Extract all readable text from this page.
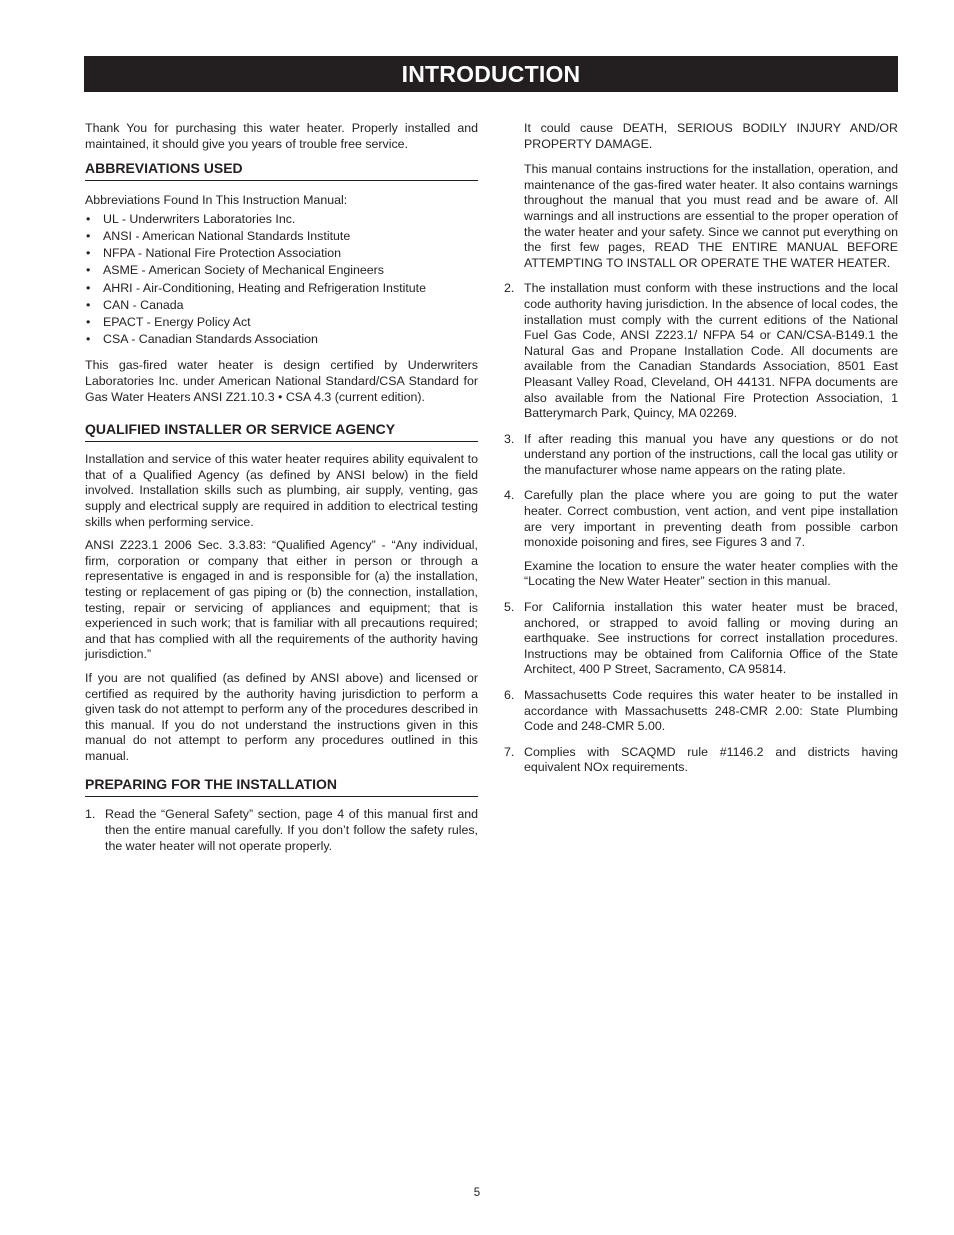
INTRODUCTION

Thank You for purchasing this water heater. Properly installed and maintained, it should give you years of trouble free service.

ABBREVIATIONS USED

Abbreviations Found In This Instruction Manual:

• UL - Underwriters Laboratories Inc.
• ANSI - American National Standards Institute
• NFPA - National Fire Protection Association
• ASME - American Society of Mechanical Engineers
• AHRI - Air-Conditioning, Heating and Refrigeration Institute
• CAN - Canada
• EPACT - Energy Policy Act
• CSA - Canadian Standards Association

This gas-fired water heater is design certified by Underwriters Laboratories Inc. under American National Standard/CSA Standard for Gas Water Heaters ANSI Z21.10.3 • CSA 4.3 (current edition).

QUALIFIED INSTALLER OR SERVICE AGENCY

Installation and service of this water heater requires ability equivalent to that of a Qualified Agency (as defined by ANSI below) in the field involved. Installation skills such as plumbing, air supply, venting, gas supply and electrical supply are required in addition to electrical testing skills when performing service.

ANSI Z223.1 2006 Sec. 3.3.83: “Qualified Agency” - “Any individual, firm, corporation or company that either in person or through a representative is engaged in and is responsible for (a) the installation, testing or replacement of gas piping or (b) the connection, installation, testing, repair or servicing of appliances and equipment; that is experienced in such work; that is familiar with all precautions required; and that has complied with all the requirements of the authority having jurisdiction.”

If you are not qualified (as defined by ANSI above) and licensed or certified as required by the authority having jurisdiction to perform a given task do not attempt to perform any of the procedures described in this manual. If you do not understand the instructions given in this manual do not attempt to perform any procedures outlined in this manual.

PREPARING FOR THE INSTALLATION
1. Read the “General Safety” section, page 4 of this manual first and then the entire manual carefully. If you don’t follow the safety rules, the water heater will not operate properly.

It could cause DEATH, SERIOUS BODILY INJURY AND/OR PROPERTY DAMAGE.

This manual contains instructions for the installation, operation, and maintenance of the gas-fired water heater. It also contains warnings throughout the manual that you must read and be aware of. All warnings and all instructions are essential to the proper operation of the water heater and your safety. Since we cannot put everything on the first few pages, READ THE ENTIRE MANUAL BEFORE ATTEMPTING TO INSTALL OR OPERATE THE WATER HEATER.

2. The installation must conform with these instructions and the local code authority having jurisdiction. In the absence of local codes, the installation must comply with the current editions of the National Fuel Gas Code, ANSI Z223.1/ NFPA 54 or CAN/CSA-B149.1 the Natural Gas and Propane Installation Code. All documents are available from the Canadian Standards Association, 8501 East Pleasant Valley Road, Cleveland, OH 44131. NFPA documents are also available from the National Fire Protection Association, 1 Batterymarch Park, Quincy, MA 02269.

3. If after reading this manual you have any questions or do not understand any portion of the instructions, call the local gas utility or the manufacturer whose name appears on the rating plate.

4. Carefully plan the place where you are going to put the water heater. Correct combustion, vent action, and vent pipe installation are very important in preventing death from possible carbon monoxide poisoning and fires, see Figures 3 and 7.

Examine the location to ensure the water heater complies with the “Locating the New Water Heater” section in this manual.

5. For California installation this water heater must be braced, anchored, or strapped to avoid falling or moving during an earthquake. See instructions for correct installation procedures. Instructions may be obtained from California Office of the State Architect, 400 P Street, Sacramento, CA 95814.

6. Massachusetts Code requires this water heater to be installed in accordance with Massachusetts 248-CMR 2.00: State Plumbing Code and 248-CMR 5.00.

7. Complies with SCAQMD rule #1146.2 and districts having equivalent NOx requirements.

5
